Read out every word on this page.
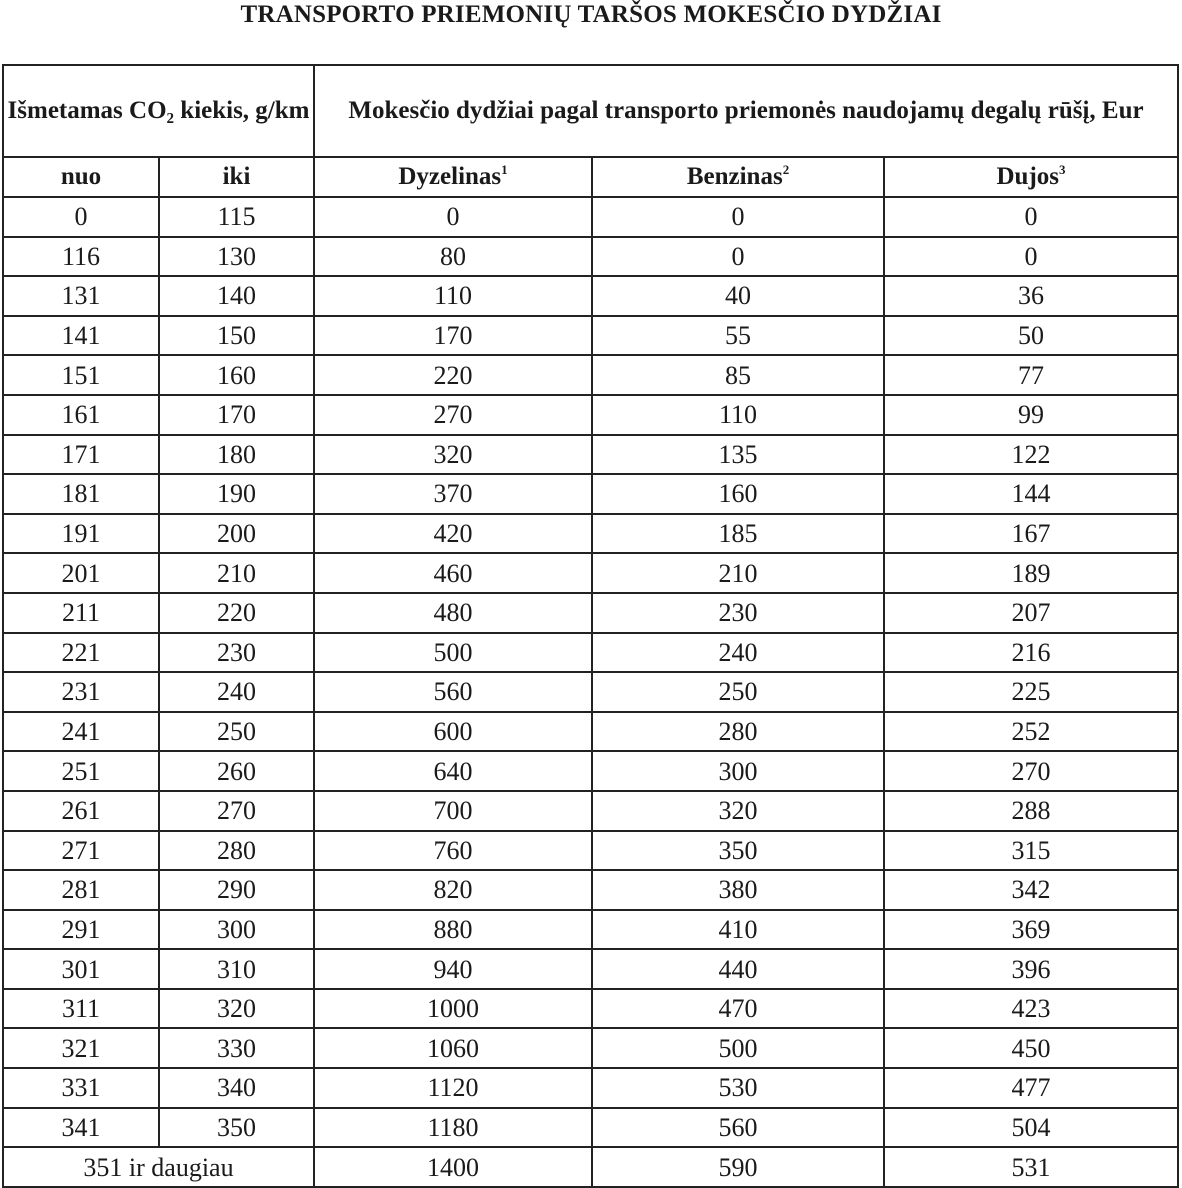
TRANSPORTO PRIEMONIŲ TARŠOS MOKESČIO DYDŽIAI
Išmetamas CO₂ kiekis, g/km		Mokesčio dydžiai pagal transporto priemonės naudojamų degalų rūšį, Eur		
nuo	iki	Dyzelinas$^1$	Benzinas$^2$	Dujos$^3$
0	115	0	0	0
116	130	80	0	0
131	140	110	40	36
141	150	170	55	50
151	160	220	85	77
161	170	270	110	99
171	180	320	135	122
181	190	370	160	144
191	200	420	185	167
201	210	460	210	189
211	220	480	230	207
221	230	500	240	216
231	240	560	250	225
241	250	600	280	252
251	260	640	300	270
261	270	700	320	288
271	280	760	350	315
281	290	820	380	342
291	300	880	410	369
301	310	940	440	396
311	320	1000	470	423
321	330	1060	500	450
331	340	1120	530	477
341	350	1180	560	504
351 ir daugiau		1400	590	531
